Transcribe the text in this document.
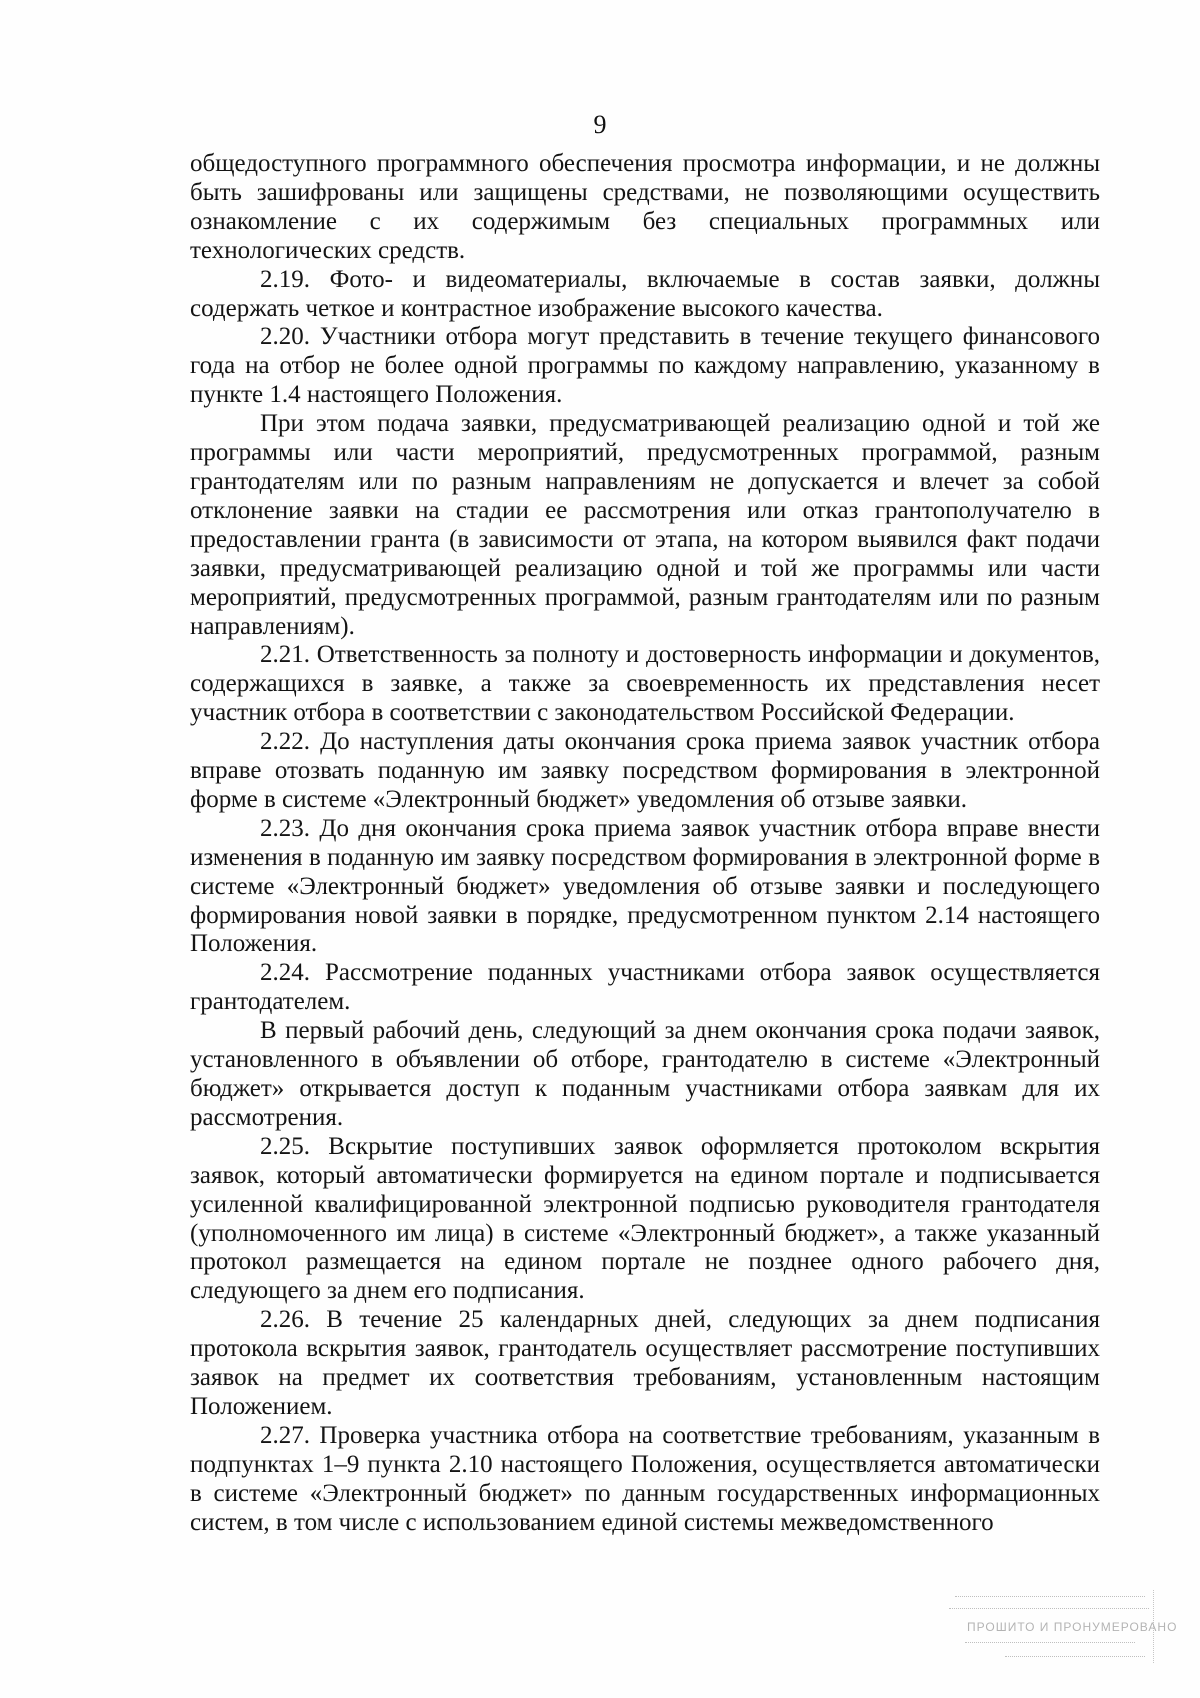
9

общедоступного программного обеспечения просмотра информации, и не должны быть зашифрованы или защищены средствами, не позволяющими осуществить ознакомление с их содержимым без специальных программных или технологических средств.

2.19. Фото- и видеоматериалы, включаемые в состав заявки, должны содержать четкое и контрастное изображение высокого качества.

2.20. Участники отбора могут представить в течение текущего финансового года на отбор не более одной программы по каждому направлению, указанному в пункте 1.4 настоящего Положения.

При этом подача заявки, предусматривающей реализацию одной и той же программы или части мероприятий, предусмотренных программой, разным грантодателям или по разным направлениям не допускается и влечет за собой отклонение заявки на стадии ее рассмотрения или отказ грантополучателю в предоставлении гранта (в зависимости от этапа, на котором выявился факт подачи заявки, предусматривающей реализацию одной и той же программы или части мероприятий, предусмотренных программой, разным грантодателям или по разным направлениям).

2.21. Ответственность за полноту и достоверность информации и документов, содержащихся в заявке, а также за своевременность их представления несет участник отбора в соответствии с законодательством Российской Федерации.

2.22. До наступления даты окончания срока приема заявок участник отбора вправе отозвать поданную им заявку посредством формирования в электронной форме в системе «Электронный бюджет» уведомления об отзыве заявки.

2.23. До дня окончания срока приема заявок участник отбора вправе внести изменения в поданную им заявку посредством формирования в электронной форме в системе «Электронный бюджет» уведомления об отзыве заявки и последующего формирования новой заявки в порядке, предусмотренном пунктом 2.14 настоящего Положения.

2.24. Рассмотрение поданных участниками отбора заявок осуществляется грантодателем.

В первый рабочий день, следующий за днем окончания срока подачи заявок, установленного в объявлении об отборе, грантодателю в системе «Электронный бюджет» открывается доступ к поданным участниками отбора заявкам для их рассмотрения.

2.25. Вскрытие поступивших заявок оформляется протоколом вскрытия заявок, который автоматически формируется на едином портале и подписывается усиленной квалифицированной электронной подписью руководителя грантодателя (уполномоченного им лица) в системе «Электронный бюджет», а также указанный протокол размещается на едином портале не позднее одного рабочего дня, следующего за днем его подписания.

2.26. В течение 25 календарных дней, следующих за днем подписания протокола вскрытия заявок, грантодатель осуществляет рассмотрение поступивших заявок на предмет их соответствия требованиям, установленным настоящим Положением.

2.27. Проверка участника отбора на соответствие требованиям, указанным в подпунктах 1–9 пункта 2.10 настоящего Положения, осуществляется автоматически в системе «Электронный бюджет» по данным государственных информационных систем, в том числе с использованием единой системы межведомственного

ПРОШИТО И ПРОНУМЕРОВАНО
